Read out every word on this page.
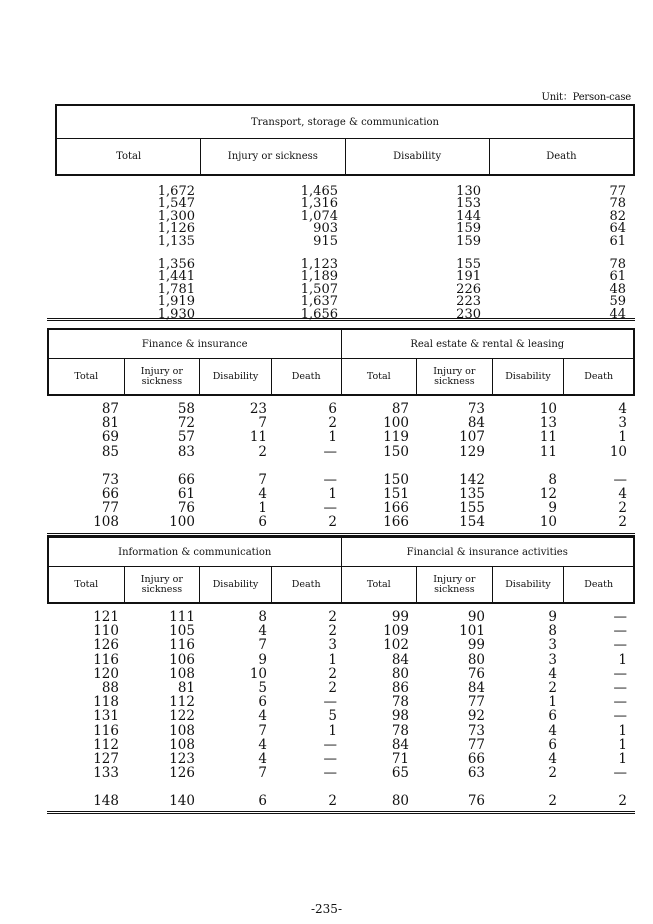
Unit：Person-case
Transport, storage & communication
Total	Injury or sickness	Disability	Death
1,672	1,465	130	77
1,547	1,316	153	78
1,300	1,074	144	82
1,126	903	159	64
1,135	915	159	61
1,356	1,123	155	78
1,441	1,189	191	61
1,781	1,507	226	48
1,919	1,637	223	59
1,930	1,656	230	44
Finance & insurance	Real estate & rental & leasing
Total	Injury or sickness	Disability	Death	Total	Injury or sickness	Disability	Death
87	58	23	6	87	73	10	4
81	72	7	2	100	84	13	3
69	57	11	1	119	107	11	1
85	83	2	—	150	129	11	10
73	66	7	—	150	142	8	—
66	61	4	1	151	135	12	4
77	76	1	—	166	155	9	2
108	100	6	2	166	154	10	2
Information & communication	Financial & insurance activities
Total	Injury or sickness	Disability	Death	Total	Injury or sickness	Disability	Death
121	111	8	2	99	90	9	—
110	105	4	2	109	101	8	—
126	116	7	3	102	99	3	—
116	106	9	1	84	80	3	1
120	108	10	2	80	76	4	—
88	81	5	2	86	84	2	—
118	112	6	—	78	77	1	—
131	122	4	5	98	92	6	—
116	108	7	1	78	73	4	1
112	108	4	—	84	77	6	1
127	123	4	—	71	66	4	1
133	126	7	—	65	63	2	—
148	140	6	2	80	76	2	2
-235-
